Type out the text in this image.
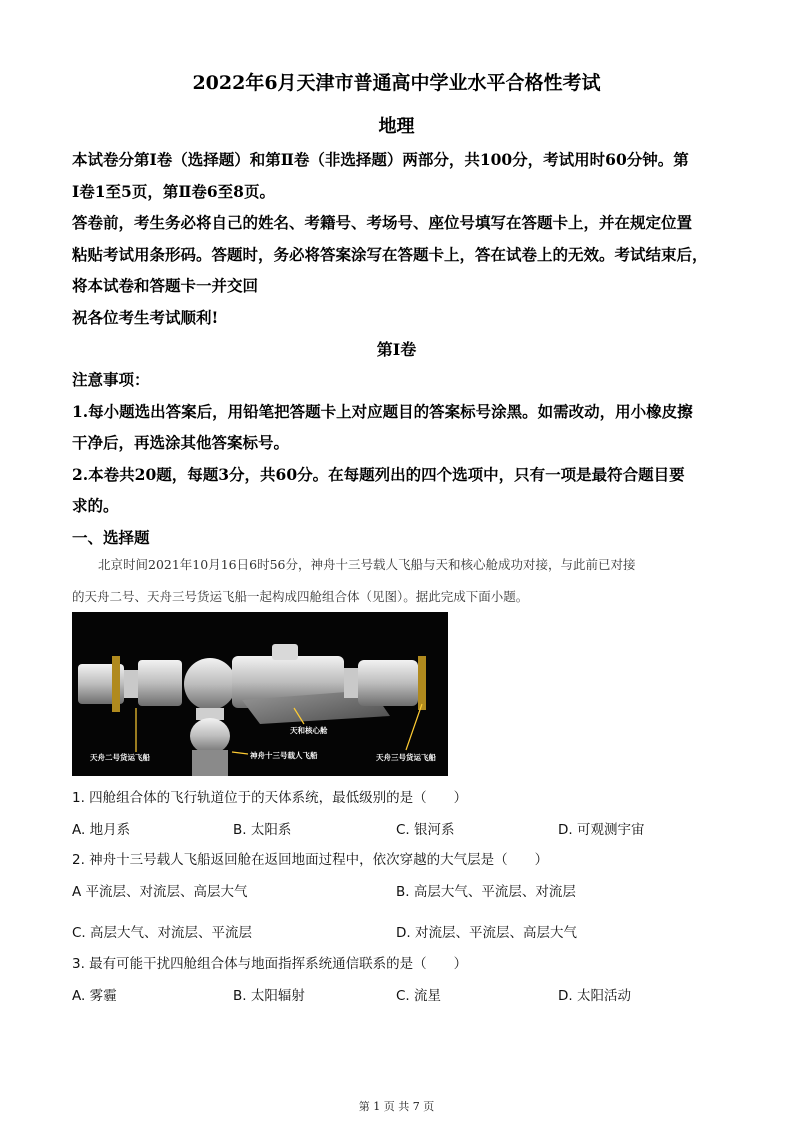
2022年6月天津市普通高中学业水平合格性考试
地理
本试卷分第Ⅰ卷（选择题）和第Ⅱ卷（非选择题）两部分，共100分，考试用时60分钟。第
Ⅰ卷1至5页，第Ⅱ卷6至8页。
答卷前，考生务必将自己的姓名、考籍号、考场号、座位号填写在答题卡上，并在规定位置
粘贴考试用条形码。答题时，务必将答案涂写在答题卡上，答在试卷上的无效。考试结束后，
将本试卷和答题卡一并交回
祝各位考生考试顺利!
第Ⅰ卷
注意事项：
1.每小题选出答案后，用铅笔把答题卡上对应题目的答案标号涂黑。如需改动，用小橡皮擦
干净后，再选涂其他答案标号。
2.本卷共20题，每题3分，共60分。在每题列出的四个选项中，只有一项是最符合题目要
求的。
一、选择题
北京时间2021年10月16日6时56分，神舟十三号载人飞船与天和核心舱成功对接，与此前已对接
的天舟二号、天舟三号货运飞船一起构成四舱组合体（见图）。据此完成下面小题。
天舟二号货运飞船
天和核心舱
神舟十三号载人飞船	天舟三号货运飞船
1. 四舱组合体的飞行轨道位于的天体系统，最低级别的是（　　）
A. 地月系	B. 太阳系	C. 银河系	D. 可观测宇宙
2. 神舟十三号载人飞船返回舱在返回地面过程中，依次穿越的大气层是（　　）
A 平流层、对流层、高层大气	B. 高层大气、平流层、对流层
C. 高层大气、对流层、平流层	D. 对流层、平流层、高层大气
3. 最有可能干扰四舱组合体与地面指挥系统通信联系的是（　　）
A. 雾霾	B. 太阳辐射	C. 流星	D. 太阳活动
第 1 页 共 7 页
